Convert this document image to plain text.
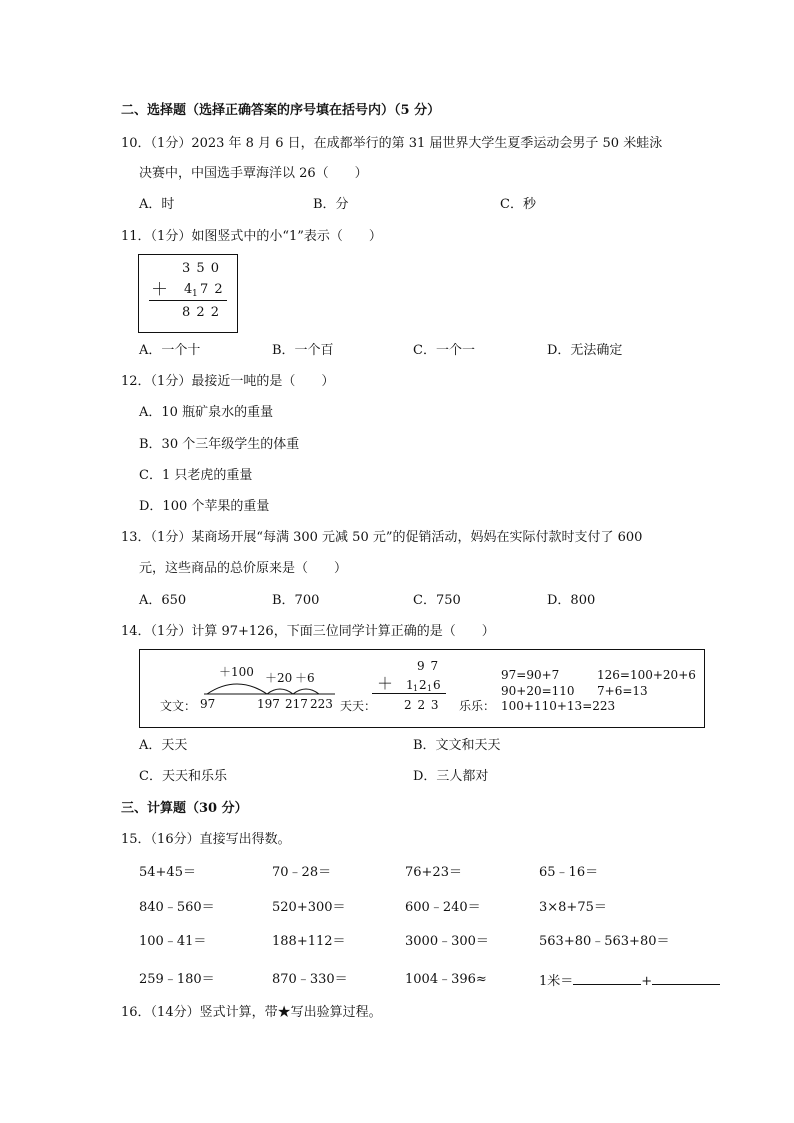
二、选择题（选择正确答案的序号填在括号内）（5 分）
10．（1分）2023 年 8 月 6 日，在成都举行的第 31 届世界大学生夏季运动会男子 50 米蛙泳
决赛中，中国选手覃海洋以 26（　　）
A．时	B．分	C．秒
11．（1分）如图竖式中的小“1”表示（　　）
3 5 0
＋ 4 1 7 2
8 2 2
A．一个十	B．一个百	C．一个一	D．无法确定
12．（1分）最接近一吨的是（　　）
A．10 瓶矿泉水的重量
B．30 个三年级学生的体重
C．1 只老虎的重量
D．100 个苹果的重量
13．（1分）某商场开展“每满 300 元减 50 元”的促销活动，妈妈在实际付款时支付了 600
元，这些商品的总价原来是（　　）
A．650	B．700	C．750	D．800
14．（1分）计算 97+126，下面三位同学计算正确的是（　　）
＋100 ＋20 ＋6
文文： 97	197 217 223 天天：
9 7
＋ 1 1 2 1 6
2 2 3
97=90+7	126=100+20+6
90+20=110 7+6=13
乐乐： 100+110+13=223
A．天天	B．文文和天天
C．天天和乐乐	D．三人都对
三、计算题（30 分）
15．（16分）直接写出得数。
54+45＝	70﹣28＝	76+23＝	65﹣16＝
840﹣560＝	520+300＝	600﹣240＝	3×8+75＝
100﹣41＝	188+112＝	3000﹣300＝	563+80﹣563+80＝
259﹣180＝	870﹣330＝	1004﹣396≈	1米＝	+
16．（14分）竖式计算，带★写出验算过程。
